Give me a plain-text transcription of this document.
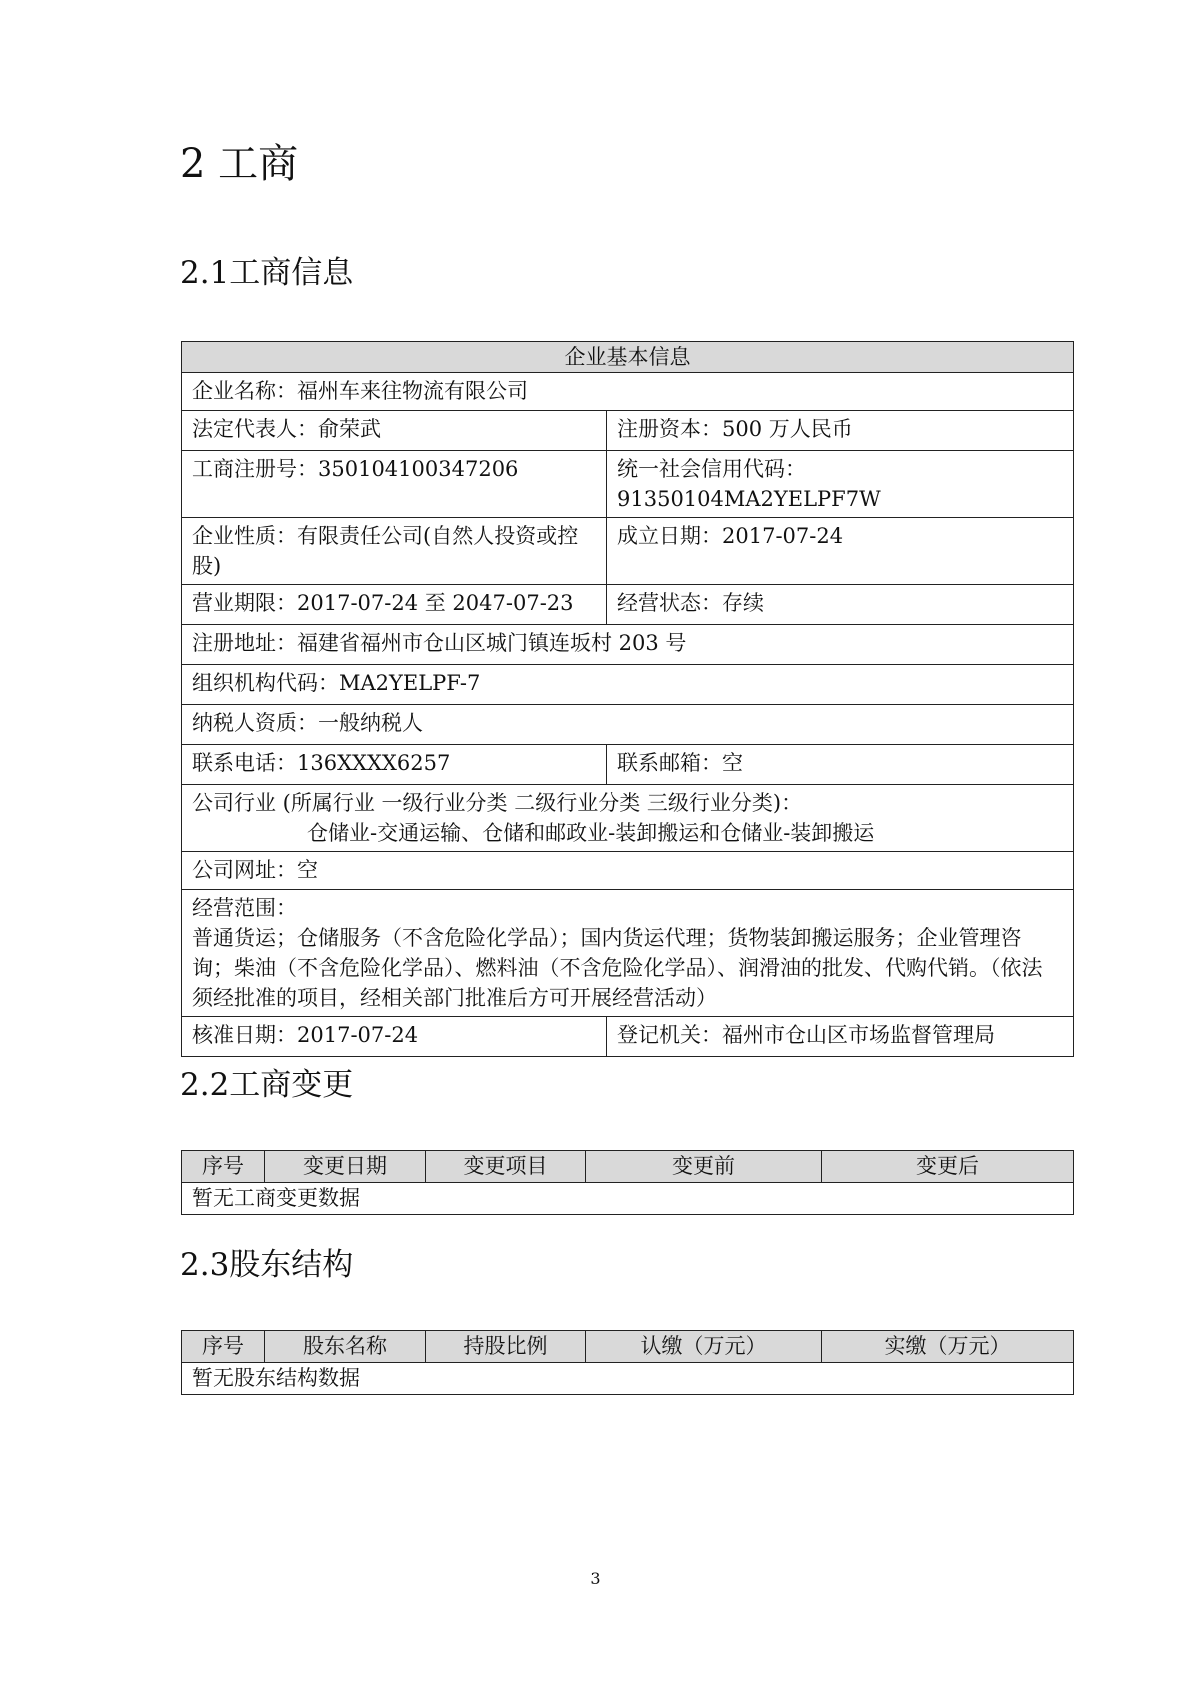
2 工商
2.1工商信息
企业基本信息	
企业名称：福州车来往物流有限公司	
法定代表人：俞荣武	注册资本：500 万人民币
工商注册号：350104100347206	统一社会信用代码：91350104MA2YELPF7W
企业性质：有限责任公司(自然人投资或控股)	成立日期：2017-07-24
营业期限：2017-07-24 至 2047-07-23	经营状态：存续
注册地址：福建省福州市仓山区城门镇连坂村 203 号	
组织机构代码：MA2YELPF-7	
纳税人资质：一般纳税人	
联系电话：136XXXX6257	联系邮箱：空

公司行业 (所属行业 一级行业分类 二级行业分类 三级行业分类)：
仓储业-交通运输、仓储和邮政业-装卸搬运和仓储业-装卸搬运	

公司网址：空	

经营范围：
普通货运；仓储服务（不含危险化学品）；国内货运代理；货物装卸搬运服务；企业管理咨询；柴油（不含危险化学品）、燃料油（不含危险化学品）、润滑油的批发、代购代销。（依法须经批准的项目，经相关部门批准后方可开展经营活动）	

核准日期：2017-07-24	登记机关：福州市仓山区市场监督管理局
2.2工商变更
序号	变更日期	变更项目	变更前	变更后
暂无工商变更数据
2.3股东结构
序号	股东名称	持股比例	认缴（万元）	实缴（万元）
暂无股东结构数据
3
